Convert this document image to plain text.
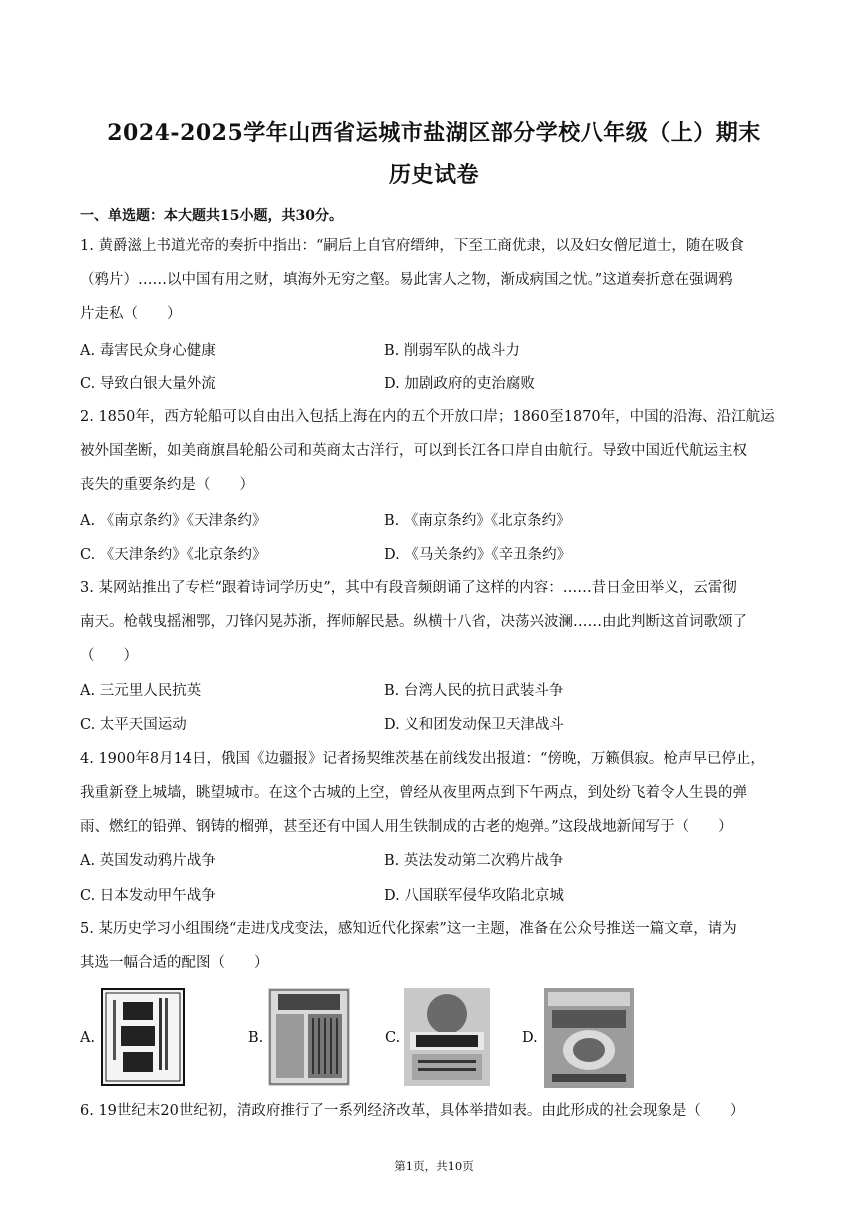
2024-2025学年山西省运城市盐湖区部分学校八年级（上）期末
历史试卷
一、单选题：本大题共15小题，共30分。
1. 黄爵滋上书道光帝的奏折中指出：“嗣后上自官府缙绅，下至工商优隶，以及妇女僧尼道士，随在吸食
（鸦片）……以中国有用之财，填海外无穷之壑。易此害人之物，渐成病国之忧。”这道奏折意在强调鸦
片走私（　　）
A. 毒害民众身心健康	B. 削弱军队的战斗力
C. 导致白银大量外流	D. 加剧政府的吏治腐败
2. 1850年，西方轮船可以自由出入包括上海在内的五个开放口岸；1860至1870年，中国的沿海、沿江航运
被外国垄断，如美商旗昌轮船公司和英商太古洋行，可以到长江各口岸自由航行。导致中国近代航运主权
丧失的重要条约是（　　）
A. 《南京条约》《天津条约》	B. 《南京条约》《北京条约》
C. 《天津条约》《北京条约》	D. 《马关条约》《辛丑条约》
3. 某网站推出了专栏“跟着诗词学历史”，其中有段音频朗诵了这样的内容：……昔日金田举义，云雷彻
南天。枪戟曳摇湘鄂，刀锋闪晃苏浙，挥师解民悬。纵横十八省，决荡兴波澜……由此判断这首词歌颂了
（　　）
A. 三元里人民抗英	B. 台湾人民的抗日武装斗争
C. 太平天国运动	D. 义和团发动保卫天津战斗
4. 1900年8月14日，俄国《边疆报》记者扬契维茨基在前线发出报道：“傍晚，万籁俱寂。枪声早已停止，
我重新登上城墙，眺望城市。在这个古城的上空，曾经从夜里两点到下午两点，到处纷飞着令人生畏的弹
雨、燃红的铅弹、钢铸的榴弹，甚至还有中国人用生铁制成的古老的炮弹。”这段战地新闻写于（　　）
A. 英国发动鸦片战争	B. 英法发动第二次鸦片战争
C. 日本发动甲午战争	D. 八国联军侵华攻陷北京城
5. 某历史学习小组围绕“走进戊戌变法，感知近代化探索”这一主题，准备在公众号推送一篇文章，请为
其选一幅合适的配图（　　）
A.	B.	C.	D.
6. 19世纪末20世纪初，清政府推行了一系列经济改革，具体举措如表。由此形成的社会现象是（　　）
第1页，共10页
